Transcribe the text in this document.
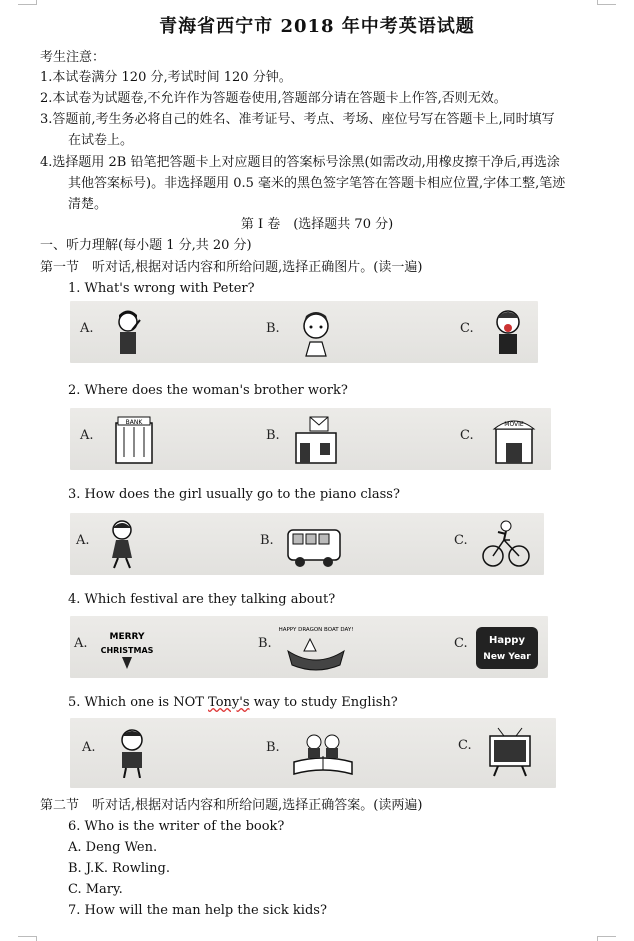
青海省西宁市 2018 年中考英语试题
考生注意：
1.本试卷满分 120 分,考试时间 120 分钟。
2.本试卷为试题卷,不允许作为答题卷使用,答题部分请在答题卡上作答,否则无效。
3.答题前,考生务必将自己的姓名、准考证号、考点、考场、座位号写在答题卡上,同时填写
在试卷上。
4.选择题用 2B 铅笔把答题卡上对应题目的答案标号涂黑(如需改动,用橡皮擦干净后,再选涂
其他答案标号)。非选择题用 0.5 毫米的黑色签字笔答在答题卡相应位置,字体工整,笔迹
清楚。
第 I 卷　(选择题共 70 分)
一、听力理解(每小题 1 分,共 20 分)
第一节　听对话,根据对话内容和所给问题,选择正确图片。(读一遍)
1. What's wrong with Peter?
A.	B.	C.
2. Where does the woman's brother work?
A.
BANK
B.	C.
MOVIE
3. How does the girl usually go to the piano class?
A.	B.	C.
4. Which festival are they talking about?
A. MERRY
CHRISTMAS	B.
HAPPY DRAGON BOAT DAY!
C. Happy
New Year
5. Which one is NOT Tony's way to study English?
A.	B.	C.
第二节　听对话,根据对话内容和所给问题,选择正确答案。(读两遍)
6. Who is the writer of the book?
A. Deng Wen.
B. J.K. Rowling.
C. Mary.
7. How will the man help the sick kids?
